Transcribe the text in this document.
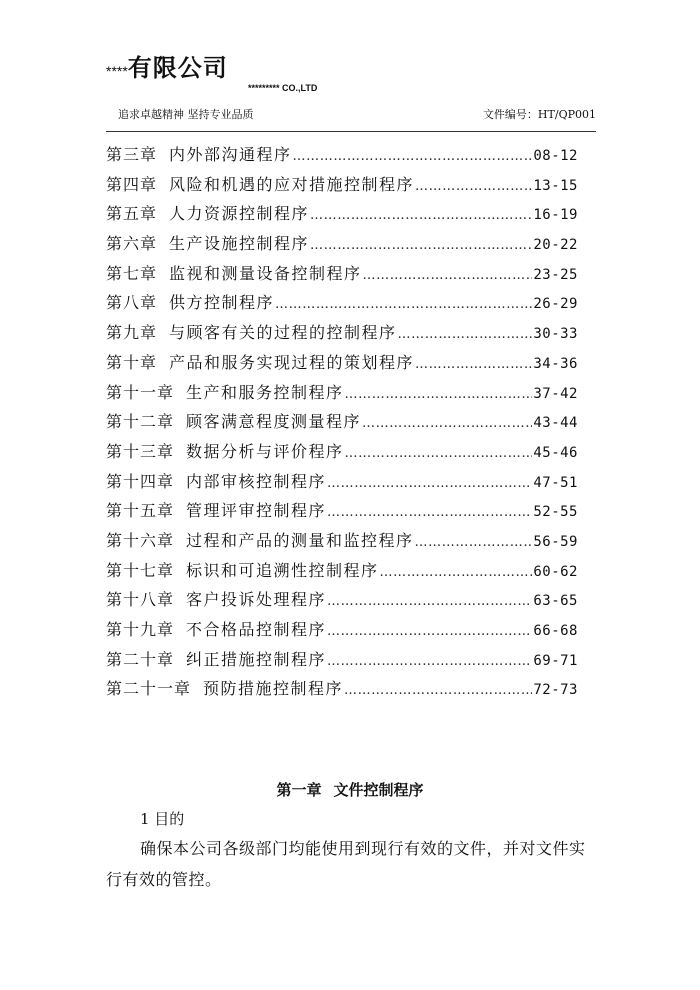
****有限公司
********* CO.,LTD
追求卓越精神 坚持专业品质	文件编号：HT/QP001
第三章 内外部沟通程序 ……………………………………………………………………………………………………………………………………………………	08-12
第四章 风险和机遇的应对措施控制程序 ……………………………………………………………………………………………………………………………………………………	13-15
第五章 人力资源控制程序 ……………………………………………………………………………………………………………………………………………………	16-19
第六章 生产设施控制程序 ……………………………………………………………………………………………………………………………………………………	20-22
第七章 监视和测量设备控制程序 ……………………………………………………………………………………………………………………………………………………	23-25
第八章 供方控制程序 ……………………………………………………………………………………………………………………………………………………	26-29
第九章 与顾客有关的过程的控制程序 ……………………………………………………………………………………………………………………………………………………	30-33
第十章 产品和服务实现过程的策划程序 ……………………………………………………………………………………………………………………………………………………	34-36
第十一章 生产和服务控制程序 ……………………………………………………………………………………………………………………………………………………	37-42
第十二章 顾客满意程度测量程序 ……………………………………………………………………………………………………………………………………………………	43-44
第十三章 数据分析与评价程序 ……………………………………………………………………………………………………………………………………………………	45-46
第十四章 内部审核控制程序 ……………………………………………………………………………………………………………………………………………………	47-51
第十五章 管理评审控制程序 ……………………………………………………………………………………………………………………………………………………	52-55
第十六章 过程和产品的测量和监控程序 ……………………………………………………………………………………………………………………………………………………	56-59
第十七章 标识和可追溯性控制程序 ……………………………………………………………………………………………………………………………………………………	60-62
第十八章 客户投诉处理程序 ……………………………………………………………………………………………………………………………………………………	63-65
第十九章 不合格品控制程序 ……………………………………………………………………………………………………………………………………………………	66-68
第二十章 纠正措施控制程序 ……………………………………………………………………………………………………………………………………………………	69-71
第二十一章 预防措施控制程序 ……………………………………………………………………………………………………………………………………………………	72-73
第一章 文件控制程序
1 目的

确保本公司各级部门均能使用到现行有效的文件，并对文件实行有效的管控。
